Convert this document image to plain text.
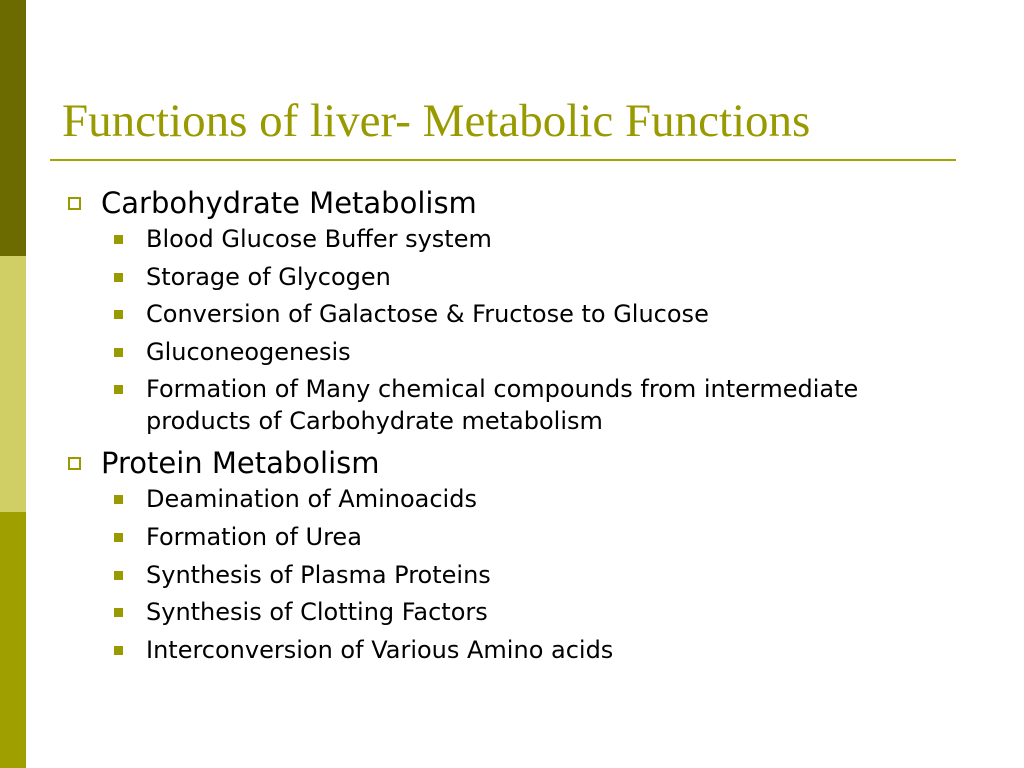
Functions of liver- Metabolic Functions
Carbohydrate Metabolism
Blood Glucose Buffer system
Storage of Glycogen
Conversion of Galactose & Fructose to Glucose
Gluconeogenesis
Formation of Many chemical compounds from intermediate products of Carbohydrate metabolism
Protein Metabolism
Deamination of Aminoacids
Formation of Urea
Synthesis of Plasma Proteins
Synthesis of Clotting Factors
Interconversion of Various Amino acids
